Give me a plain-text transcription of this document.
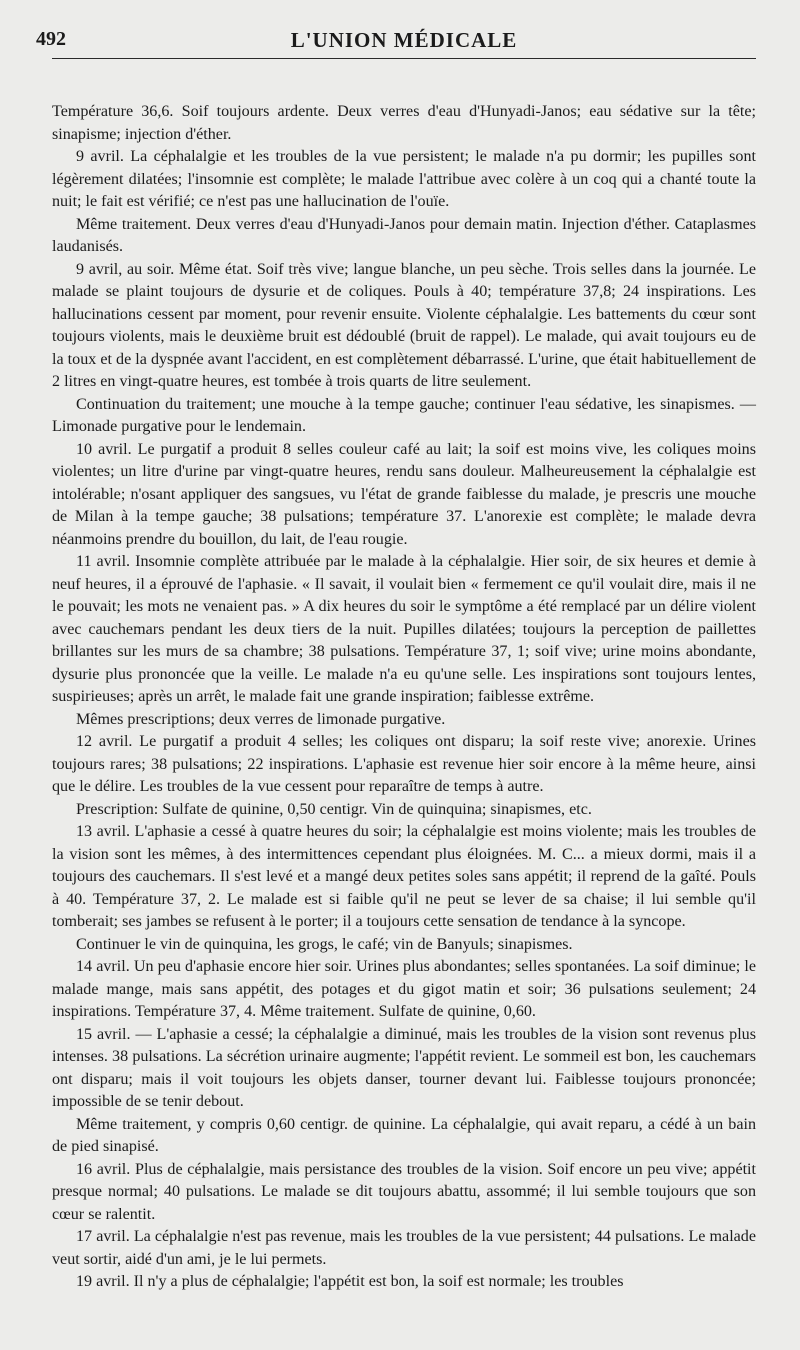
492	L'UNION MÉDICALE

Température 36,6. Soif toujours ardente. Deux verres d'eau d'Hunyadi-Janos; eau sédative sur la tête; sinapisme; injection d'éther.

9 avril. La céphalalgie et les troubles de la vue persistent; le malade n'a pu dormir; les pupilles sont légèrement dilatées; l'insomnie est complète; le malade l'attribue avec colère à un coq qui a chanté toute la nuit; le fait est vérifié; ce n'est pas une hallucination de l'ouïe.

Même traitement. Deux verres d'eau d'Hunyadi-Janos pour demain matin. Injection d'éther. Cataplasmes laudanisés.

9 avril, au soir. Même état. Soif très vive; langue blanche, un peu sèche. Trois selles dans la journée. Le malade se plaint toujours de dysurie et de coliques. Pouls à 40; température 37,8; 24 inspirations. Les hallucinations cessent par moment, pour revenir ensuite. Violente céphalalgie. Les battements du cœur sont toujours violents, mais le deuxième bruit est dédoublé (bruit de rappel). Le malade, qui avait toujours eu de la toux et de la dyspnée avant l'accident, en est complètement débarrassé. L'urine, que était habituellement de 2 litres en vingt-quatre heures, est tombée à trois quarts de litre seulement.

Continuation du traitement; une mouche à la tempe gauche; continuer l'eau sédative, les sinapismes. — Limonade purgative pour le lendemain.

10 avril. Le purgatif a produit 8 selles couleur café au lait; la soif est moins vive, les coliques moins violentes; un litre d'urine par vingt-quatre heures, rendu sans douleur. Malheureusement la céphalalgie est intolérable; n'osant appliquer des sangsues, vu l'état de grande faiblesse du malade, je prescris une mouche de Milan à la tempe gauche; 38 pulsations; température 37. L'anorexie est complète; le malade devra néanmoins prendre du bouillon, du lait, de l'eau rougie.

11 avril. Insomnie complète attribuée par le malade à la céphalalgie. Hier soir, de six heures et demie à neuf heures, il a éprouvé de l'aphasie. « Il savait, il voulait bien « fermement ce qu'il voulait dire, mais il ne le pouvait; les mots ne venaient pas. » A dix heures du soir le symptôme a été remplacé par un délire violent avec cauchemars pendant les deux tiers de la nuit. Pupilles dilatées; toujours la perception de paillettes brillantes sur les murs de sa chambre; 38 pulsations. Température 37, 1; soif vive; urine moins abondante, dysurie plus prononcée que la veille. Le malade n'a eu qu'une selle. Les inspirations sont toujours lentes, suspirieuses; après un arrêt, le malade fait une grande inspiration; faiblesse extrême.

Mêmes prescriptions; deux verres de limonade purgative.

12 avril. Le purgatif a produit 4 selles; les coliques ont disparu; la soif reste vive; anorexie. Urines toujours rares; 38 pulsations; 22 inspirations. L'aphasie est revenue hier soir encore à la même heure, ainsi que le délire. Les troubles de la vue cessent pour reparaître de temps à autre.

Prescription: Sulfate de quinine, 0,50 centigr. Vin de quinquina; sinapismes, etc.

13 avril. L'aphasie a cessé à quatre heures du soir; la céphalalgie est moins violente; mais les troubles de la vision sont les mêmes, à des intermittences cependant plus éloignées. M. C... a mieux dormi, mais il a toujours des cauchemars. Il s'est levé et a mangé deux petites soles sans appétit; il reprend de la gaîté. Pouls à 40. Température 37, 2. Le malade est si faible qu'il ne peut se lever de sa chaise; il lui semble qu'il tomberait; ses jambes se refusent à le porter; il a toujours cette sensation de tendance à la syncope.

Continuer le vin de quinquina, les grogs, le café; vin de Banyuls; sinapismes.

14 avril. Un peu d'aphasie encore hier soir. Urines plus abondantes; selles spontanées. La soif diminue; le malade mange, mais sans appétit, des potages et du gigot matin et soir; 36 pulsations seulement; 24 inspirations. Température 37, 4. Même traitement. Sulfate de quinine, 0,60.

15 avril. — L'aphasie a cessé; la céphalalgie a diminué, mais les troubles de la vision sont revenus plus intenses. 38 pulsations. La sécrétion urinaire augmente; l'appétit revient. Le sommeil est bon, les cauchemars ont disparu; mais il voit toujours les objets danser, tourner devant lui. Faiblesse toujours prononcée; impossible de se tenir debout.

Même traitement, y compris 0,60 centigr. de quinine. La céphalalgie, qui avait reparu, a cédé à un bain de pied sinapisé.

16 avril. Plus de céphalalgie, mais persistance des troubles de la vision. Soif encore un peu vive; appétit presque normal; 40 pulsations. Le malade se dit toujours abattu, assommé; il lui semble toujours que son cœur se ralentit.

17 avril. La céphalalgie n'est pas revenue, mais les troubles de la vue persistent; 44 pulsations. Le malade veut sortir, aidé d'un ami, je le lui permets.

19 avril. Il n'y a plus de céphalalgie; l'appétit est bon, la soif est normale; les troubles
